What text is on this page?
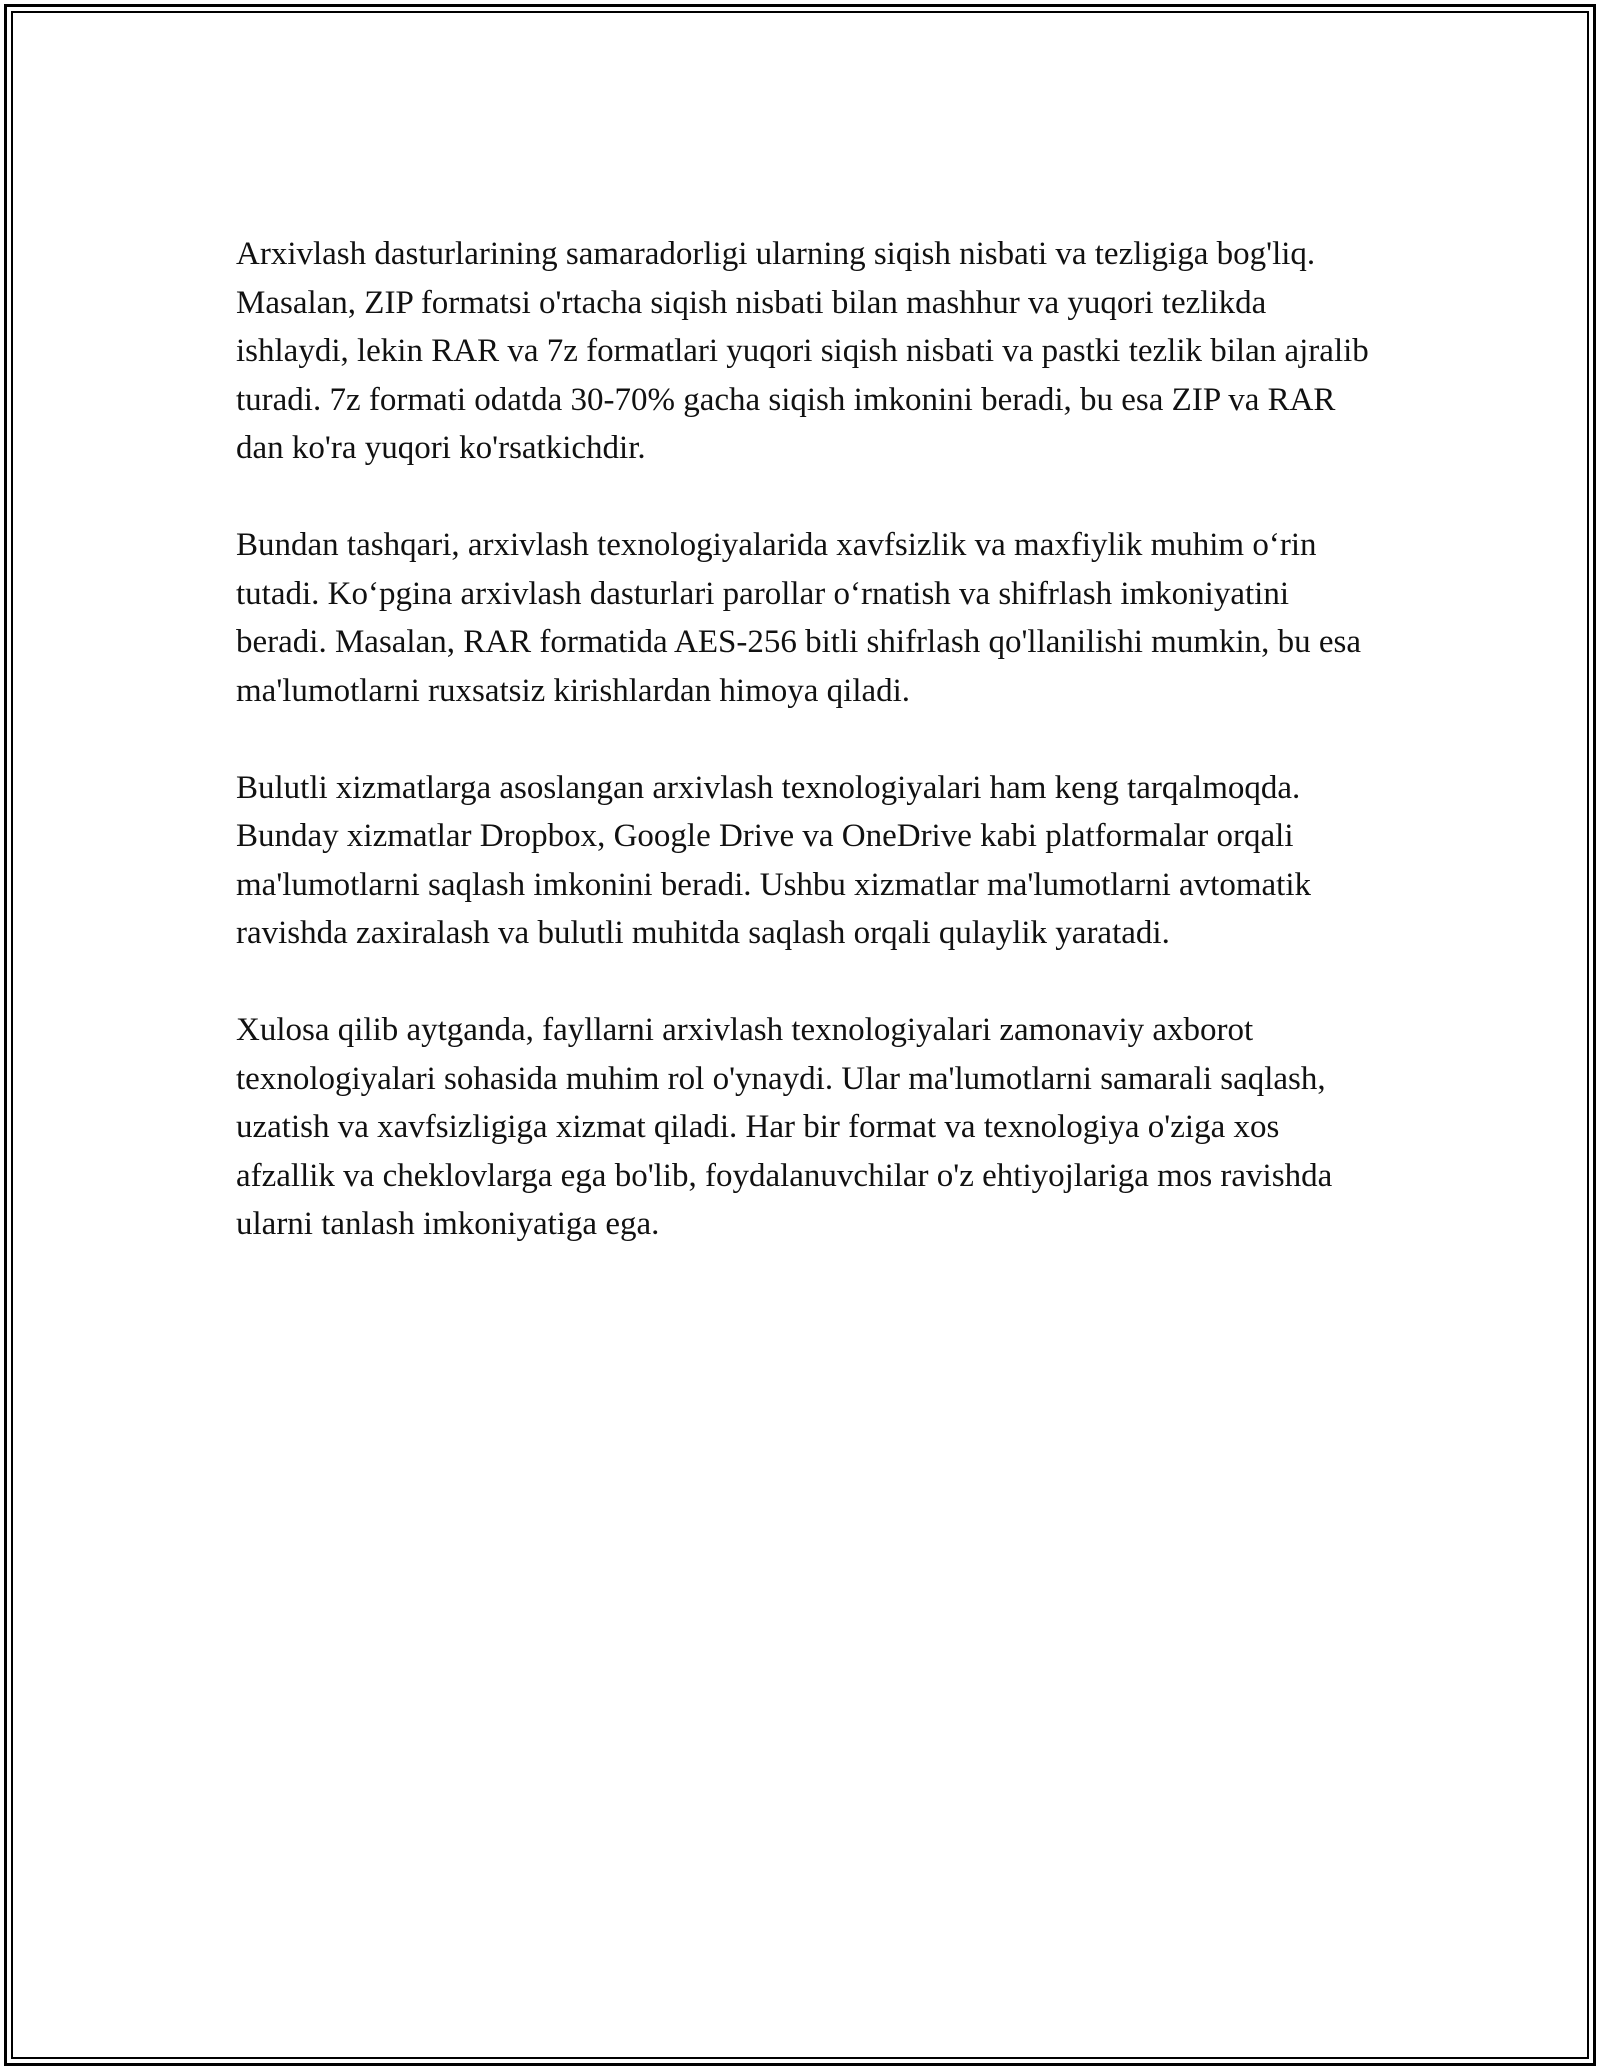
Arxivlash dasturlarining samaradorligi ularning siqish nisbati va tezligiga bog'liq. Masalan, ZIP formatsi o'rtacha siqish nisbati bilan mashhur va yuqori tezlikda ishlaydi, lekin RAR va 7z formatlari yuqori siqish nisbati va pastki tezlik bilan ajralib turadi. 7z formati odatda 30-70% gacha siqish imkonini beradi, bu esa ZIP va RAR dan ko'ra yuqori ko'rsatkichdir.

Bundan tashqari, arxivlash texnologiyalarida xavfsizlik va maxfiylik muhim o‘rin tutadi. Ko‘pgina arxivlash dasturlari parollar o‘rnatish va shifrlash imkoniyatini beradi. Masalan, RAR formatida AES-256 bitli shifrlash qo'llanilishi mumkin, bu esa ma'lumotlarni ruxsatsiz kirishlardan himoya qiladi.

Bulutli xizmatlarga asoslangan arxivlash texnologiyalari ham keng tarqalmoqda. Bunday xizmatlar Dropbox, Google Drive va OneDrive kabi platformalar orqali ma'lumotlarni saqlash imkonini beradi. Ushbu xizmatlar ma'lumotlarni avtomatik ravishda zaxiralash va bulutli muhitda saqlash orqali qulaylik yaratadi.

Xulosa qilib aytganda, fayllarni arxivlash texnologiyalari zamonaviy axborot texnologiyalari sohasida muhim rol o'ynaydi. Ular ma'lumotlarni samarali saqlash, uzatish va xavfsizligiga xizmat qiladi. Har bir format va texnologiya o'ziga xos afzallik va cheklovlarga ega bo'lib, foydalanuvchilar o'z ehtiyojlariga mos ravishda ularni tanlash imkoniyatiga ega.
